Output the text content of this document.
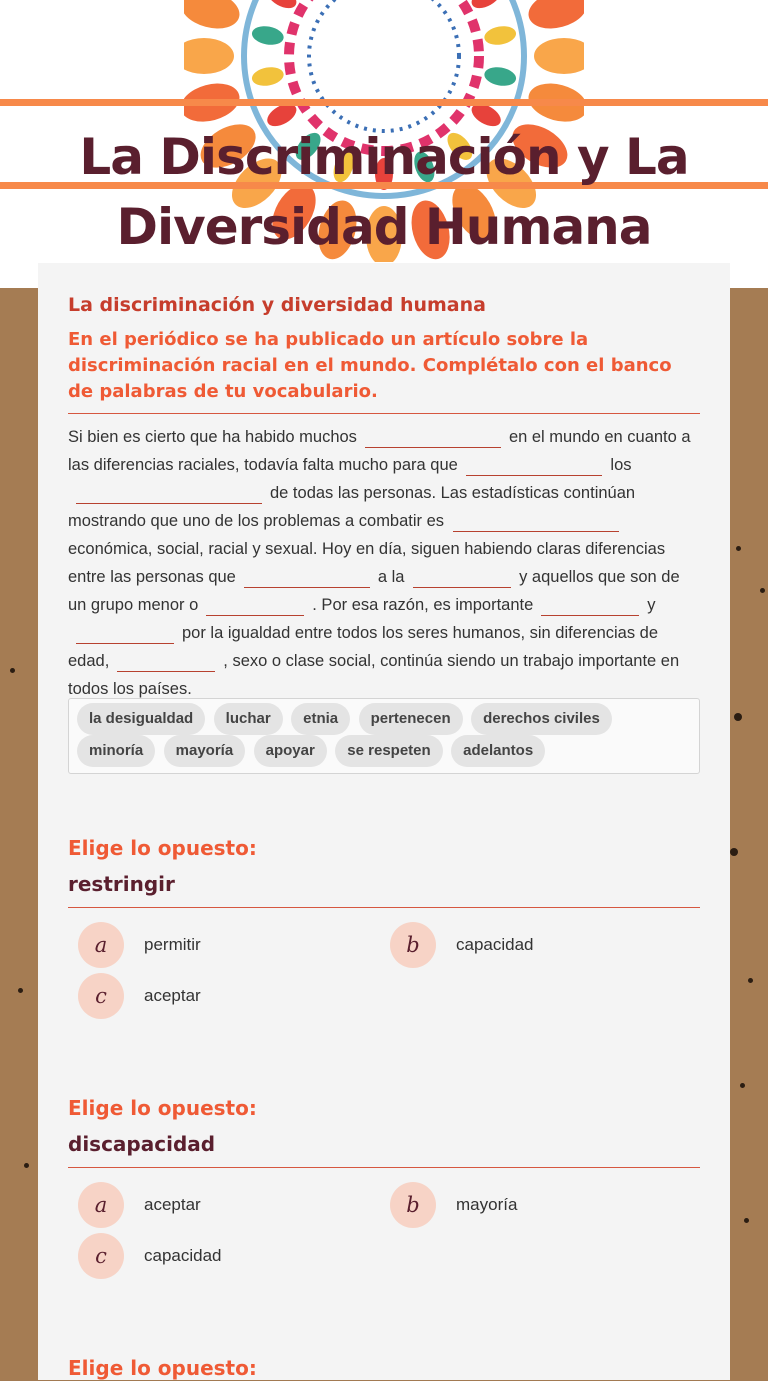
La Discriminación y La Diversidad Humana
La discriminación y diversidad humana
En el periódico se ha publicado un artículo sobre la discriminación racial en el mundo. Complétalo con el banco de palabras de tu vocabulario.
Si bien es cierto que ha habido muchos	en el mundo en cuanto a las diferencias raciales, todavía falta mucho para que	losde todas las personas. Las estadísticas continúan mostrando que uno de los problemas a combatir es económica, social, racial y sexual. Hoy en día, siguen habiendo claras diferencias entre las personas que	a la	y aquellos que son de un grupo menor o	. Por esa razón, es importante	ypor la igualdad entre todos los seres humanos, sin diferencias de edad,	, sexo o clase social, continúa siendo un trabajo importante en todos los países.
la desigualdad luchar etnia pertenecen derechos civiles
minoría mayoría apoyar se respeten adelantos
Elige lo opuesto:
restringir
a	permitir	b	capacidad
c	aceptar
Elige lo opuesto:
discapacidad
a	aceptar	b	mayoría
c	capacidad
Elige lo opuesto:
